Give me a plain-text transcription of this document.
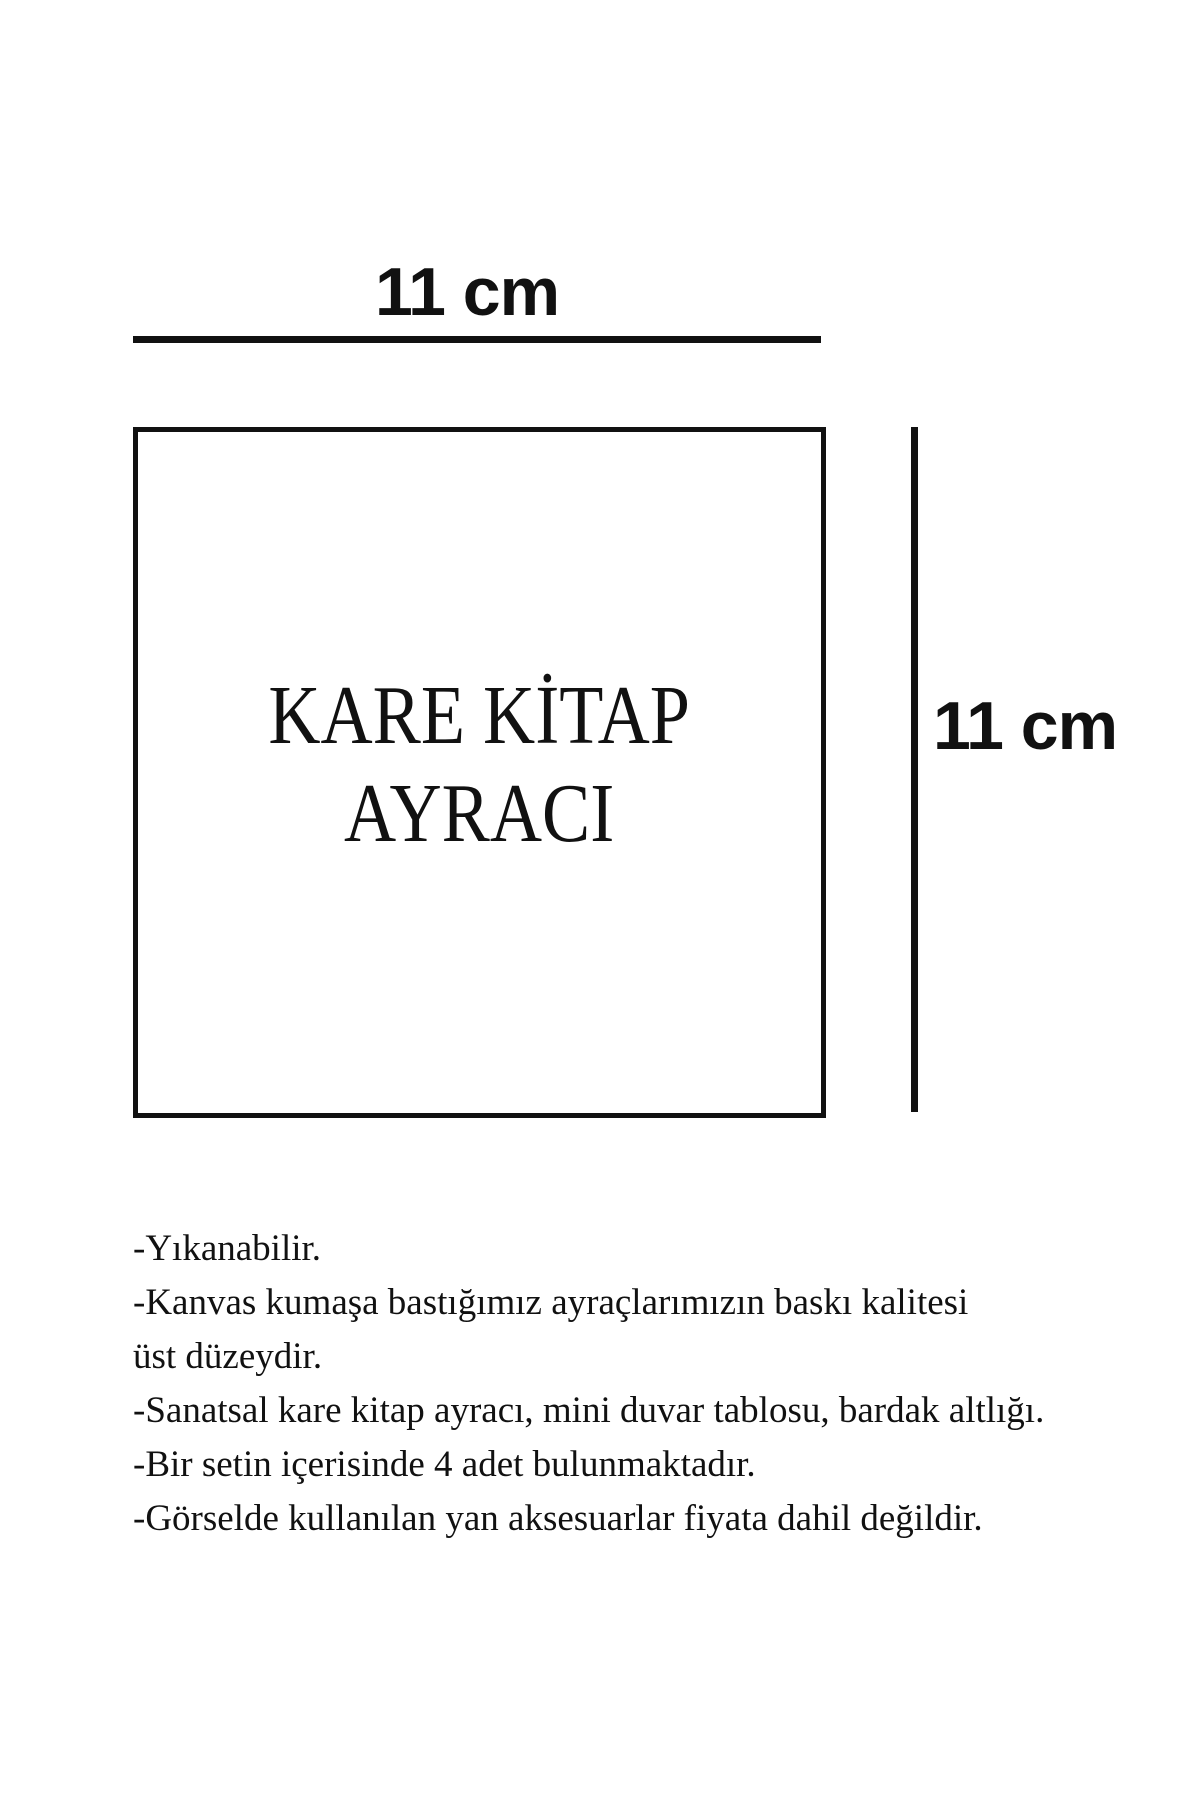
11 cm
KARE KİTAP
AYRACI
11 cm
-Yıkanabilir.
-Kanvas kumaşa bastığımız ayraçlarımızın baskı kalitesi
üst düzeydir.
-Sanatsal kare kitap ayracı, mini duvar tablosu, bardak altlığı.
-Bir setin içerisinde 4 adet bulunmaktadır.
-Görselde kullanılan yan aksesuarlar fiyata dahil değildir.
